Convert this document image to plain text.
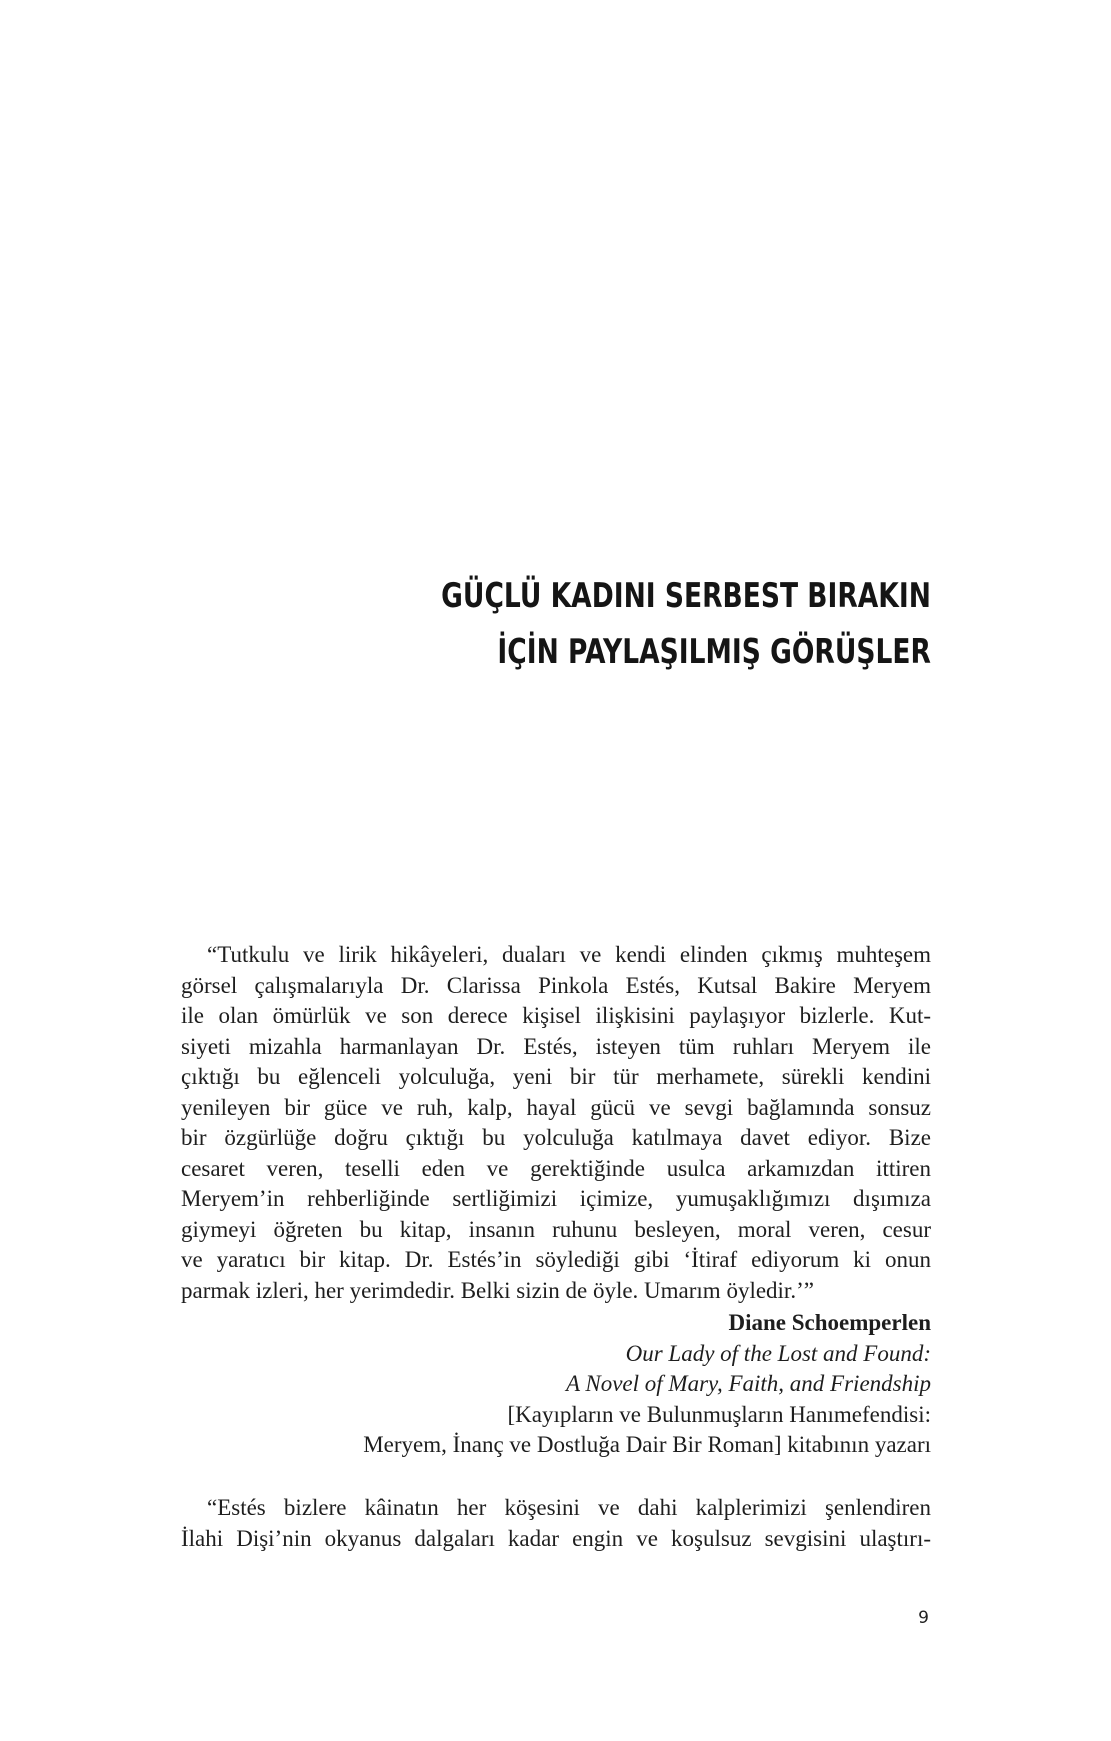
GÜÇLÜ KADINI SERBEST BIRAKIN
İÇİN PAYLAŞILMIŞ GÖRÜŞLER
“Tutkulu ve lirik hikâyeleri, duaları ve kendi elinden çıkmış muhteşem
görsel çalışmalarıyla Dr. Clarissa Pinkola Estés, Kutsal Bakire Meryem
ile olan ömürlük ve son derece kişisel ilişkisini paylaşıyor bizlerle. Kut-
siyeti mizahla harmanlayan Dr. Estés, isteyen tüm ruhları Meryem ile
çıktığı bu eğlenceli yolculuğa, yeni bir tür merhamete, sürekli kendini
yenileyen bir güce ve ruh, kalp, hayal gücü ve sevgi bağlamında sonsuz
bir özgürlüğe doğru çıktığı bu yolculuğa katılmaya davet ediyor. Bize
cesaret veren, teselli eden ve gerektiğinde usulca arkamızdan ittiren
Meryem’in rehberliğinde sertliğimizi içimize, yumuşaklığımızı dışımıza
giymeyi öğreten bu kitap, insanın ruhunu besleyen, moral veren, cesur
ve yaratıcı bir kitap. Dr. Estés’in söylediği gibi ‘İtiraf ediyorum ki onun
parmak izleri, her yerimdedir. Belki sizin de öyle. Umarım öyledir.’”
Diane Schoemperlen
Our Lady of the Lost and Found:
A Novel of Mary, Faith, and Friendship
[Kayıpların ve Bulunmuşların Hanımefendisi:
Meryem, İnanç ve Dostluğa Dair Bir Roman] kitabının yazarı
“Estés bizlere kâinatın her köşesini ve dahi kalplerimizi şenlendiren
İlahi Dişi’nin okyanus dalgaları kadar engin ve koşulsuz sevgisini ulaştırı-
9
